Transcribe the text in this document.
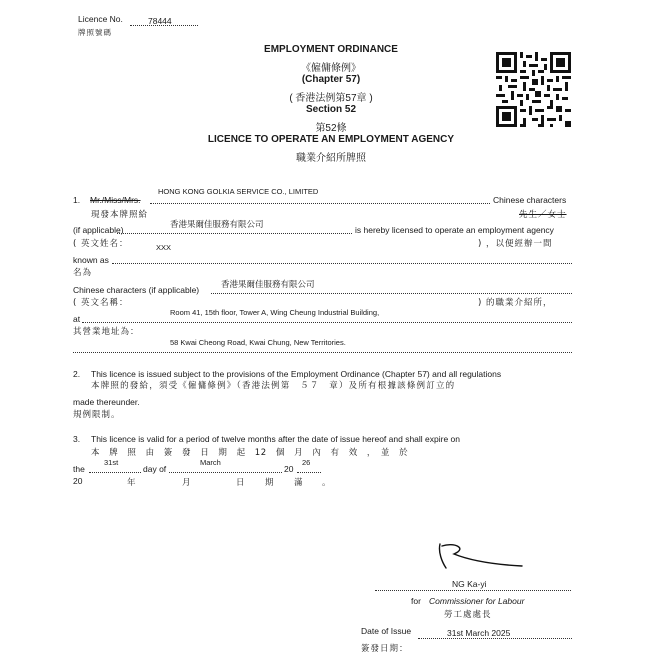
Licence No.	78444
牌照號碼
EMPLOYMENT ORDINANCE
《僱傭條例》
(Chapter 57)
( 香港法例第57章 )
Section 52
第52條
LICENCE TO OPERATE AN EMPLOYMENT AGENCY
職業介紹所牌照
1. Mr./Miss/Mrs.
HONG KONG GOLKIA SERVICE CO., LIMITED
Chinese characters
現發本牌照給	先生／女士
(if applicable)	香港果爾佳服務有限公司	is hereby licensed to operate an employment agency
( 英文姓名：	XXX	) ，以便經辦一間
known as
名為
Chinese characters (if applicable)	香港果爾佳服務有限公司
( 英文名稱：	) 的職業介紹所，
at
Room 41, 15th floor, Tower A, Wing Cheung Industrial Building,
其營業地址為：
58 Kwai Cheong Road, Kwai Chung, New Territories.
2. This licence is issued subject to the provisions of the Employment Ordinance (Chapter 57) and all regulations
本牌照的發給，須受《僱傭條例》（香港法例第　５７　章）及所有根據該條例訂立的
made thereunder.
規例限制。
3. This licence is valid for a period of twelve months after the date of issue hereof and shall expire on
本　牌　照　由　簽　發　日　期　起　12　個　月　內　有　效　，　並　於
the
31st
day of
March
20
26
20	年	月	日 期 滿 。
NG Ka-yi
for Commissioner for Labour
勞工處處長
Date of Issue	31st March 2025
簽發日期：
